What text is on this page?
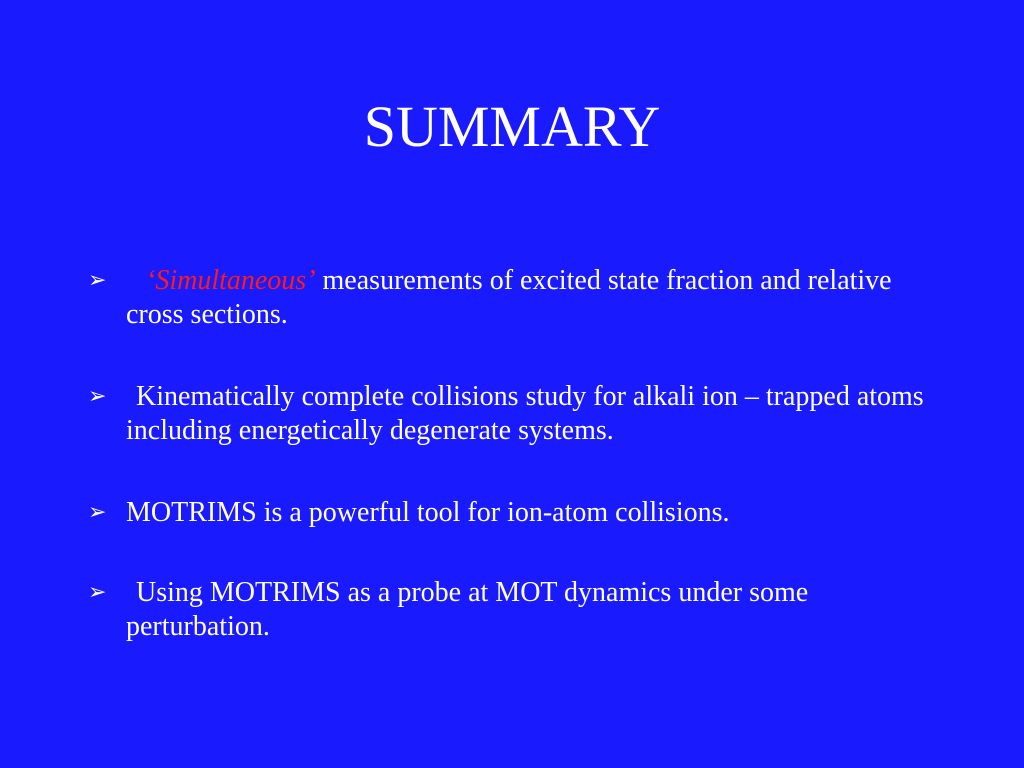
SUMMARY
➢ ‘Simultaneous’ measurements of excited state fraction and relative cross sections.
➢ Kinematically complete collisions study for alkali ion – trapped atoms including energetically degenerate systems.
➢ MOTRIMS is a powerful tool for ion-atom collisions.
➢ Using MOTRIMS as a probe at MOT dynamics under some perturbation.
